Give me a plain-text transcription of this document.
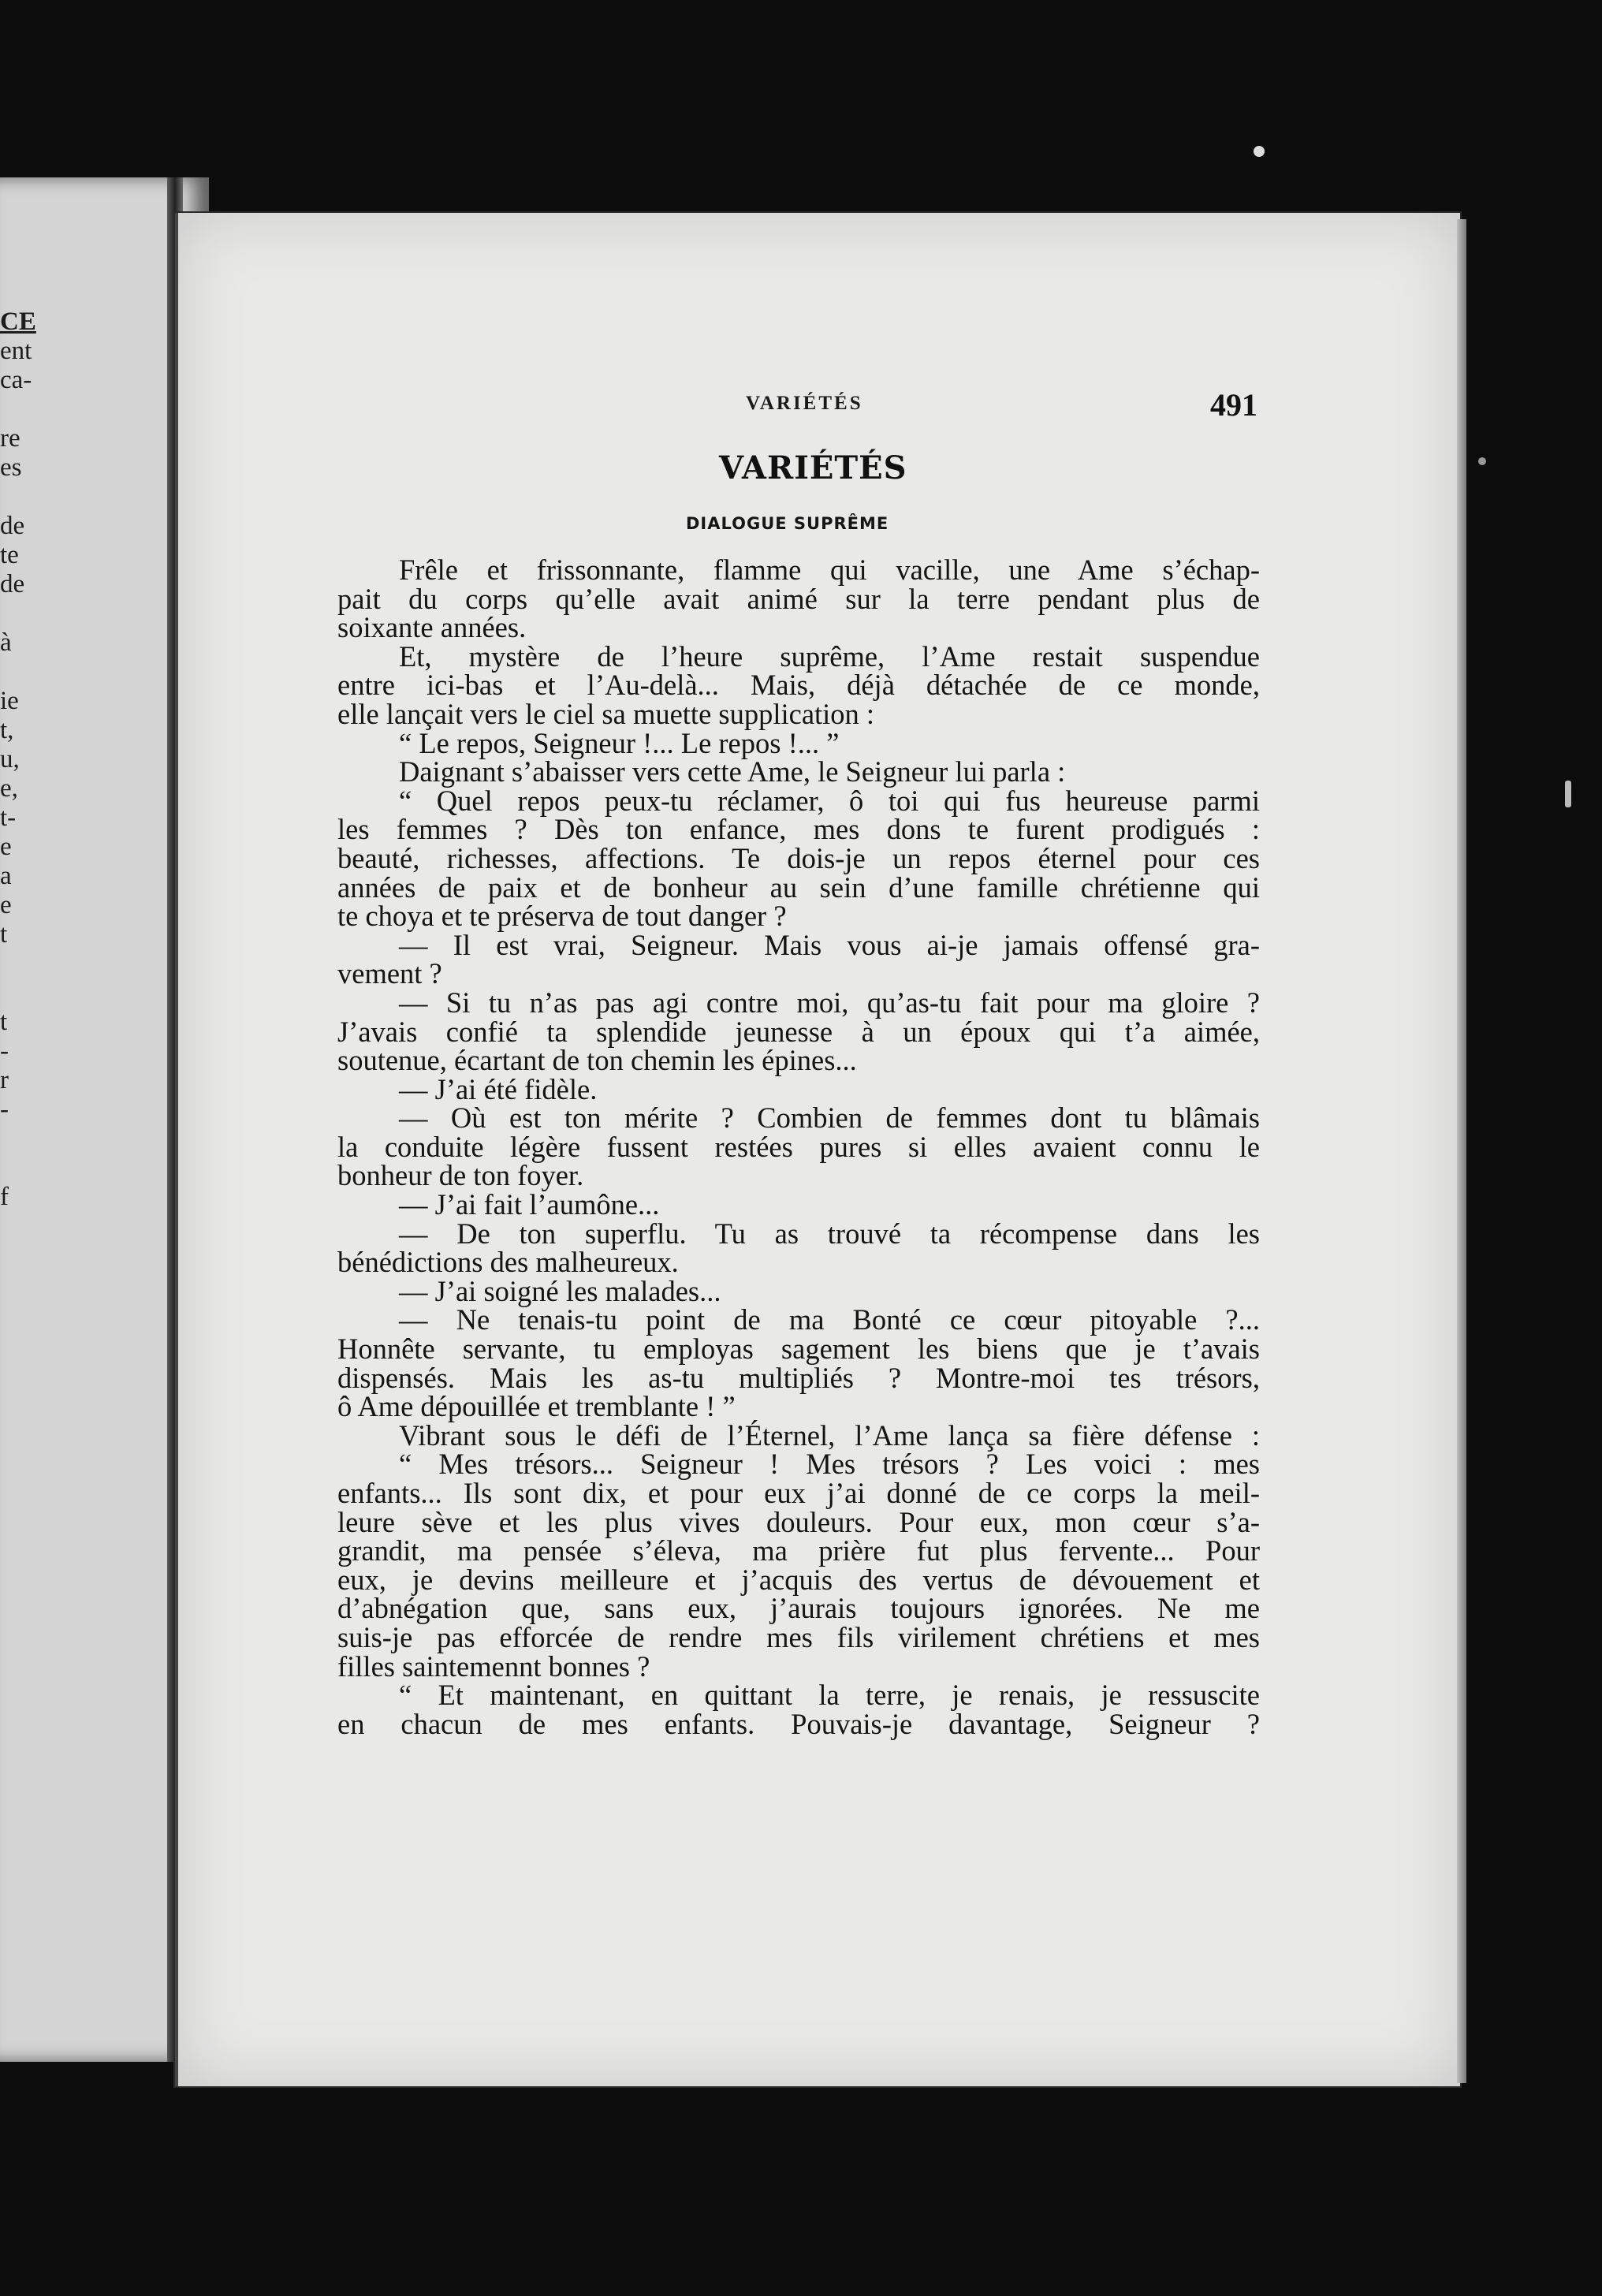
CE
ent
ca-
re
es
de
te
de
à
ie
t,
u,
e,
t-
e
a
e
t
t
-
r
-
f
VARIÉTÉS	491
VARIÉTÉS
DIALOGUE SUPRÊME
Frêle et frissonnante, flamme qui vacille, une Ame s’échap-
pait du corps qu’elle avait animé sur la terre pendant plus de
soixante années.
Et, mystère de l’heure suprême, l’Ame restait suspendue
entre ici-bas et l’Au-delà... Mais, déjà détachée de ce monde,
elle lançait vers le ciel sa muette supplication :
“ Le repos, Seigneur !... Le repos !... ”
Daignant s’abaisser vers cette Ame, le Seigneur lui parla :
“ Quel repos peux-tu réclamer, ô toi qui fus heureuse parmi
les femmes ? Dès ton enfance, mes dons te furent prodigués :
beauté, richesses, affections. Te dois-je un repos éternel pour ces
années de paix et de bonheur au sein d’une famille chrétienne qui
te choya et te préserva de tout danger ?
— Il est vrai, Seigneur. Mais vous ai-je jamais offensé gra-
vement ?
— Si tu n’as pas agi contre moi, qu’as-tu fait pour ma gloire ?
J’avais confié ta splendide jeunesse à un époux qui t’a aimée,
soutenue, écartant de ton chemin les épines...
— J’ai été fidèle.
— Où est ton mérite ? Combien de femmes dont tu blâmais
la conduite légère fussent restées pures si elles avaient connu le
bonheur de ton foyer.
— J’ai fait l’aumône...
— De ton superflu. Tu as trouvé ta récompense dans les
bénédictions des malheureux.
— J’ai soigné les malades...
— Ne tenais-tu point de ma Bonté ce cœur pitoyable ?...
Honnête servante, tu employas sagement les biens que je t’avais
dispensés. Mais les as-tu multipliés ? Montre-moi tes trésors,
ô Ame dépouillée et tremblante ! ”
Vibrant sous le défi de l’Éternel, l’Ame lança sa fière défense :
“ Mes trésors... Seigneur ! Mes trésors ? Les voici : mes
enfants... Ils sont dix, et pour eux j’ai donné de ce corps la meil-
leure sève et les plus vives douleurs. Pour eux, mon cœur s’a-
grandit, ma pensée s’éleva, ma prière fut plus fervente... Pour
eux, je devins meilleure et j’acquis des vertus de dévouement et
d’abnégation que, sans eux, j’aurais toujours ignorées. Ne me
suis-je pas efforcée de rendre mes fils virilement chrétiens et mes
filles saintemennt bonnes ?
“ Et maintenant, en quittant la terre, je renais, je ressuscite
en chacun de mes enfants. Pouvais-je davantage, Seigneur ?
